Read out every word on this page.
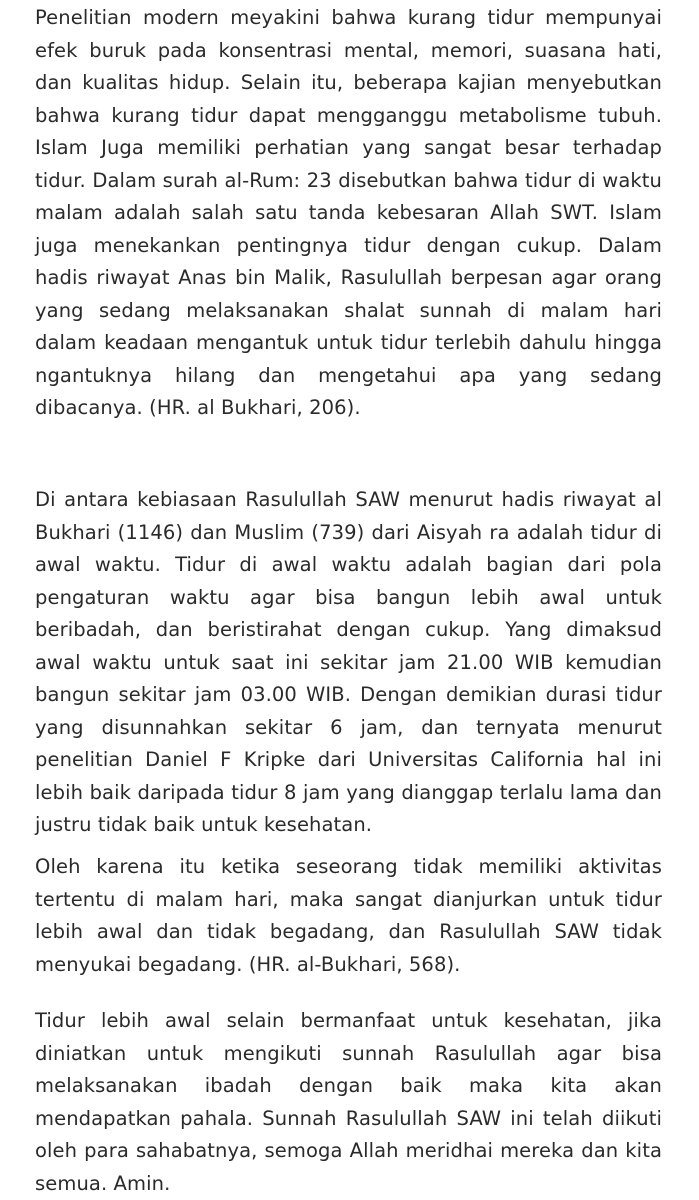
Penelitian modern meyakini bahwa kurang tidur mempunyai efek buruk pada konsentrasi mental, memori, suasana hati, dan kualitas hidup. Selain itu, beberapa kajian menyebutkan bahwa kurang tidur dapat mengganggu metabolisme tubuh. Islam Juga memiliki perhatian yang sangat besar terhadap tidur. Dalam surah al-Rum: 23 disebutkan bahwa tidur di waktu malam adalah salah satu tanda kebesaran Allah SWT. Islam juga menekankan pentingnya tidur dengan cukup. Dalam hadis riwayat Anas bin Malik, Rasulullah berpesan agar orang yang sedang melaksanakan shalat sunnah di malam hari dalam keadaan mengantuk untuk tidur terlebih dahulu hingga ngantuknya hilang dan mengetahui apa yang sedang dibacanya. (HR. al Bukhari, 206).

Di antara kebiasaan Rasulullah SAW menurut hadis riwayat al Bukhari (1146) dan Muslim (739) dari Aisyah ra adalah tidur di awal waktu. Tidur di awal waktu adalah bagian dari pola pengaturan waktu agar bisa bangun lebih awal untuk beribadah, dan beristirahat dengan cukup. Yang dimaksud awal waktu untuk saat ini sekitar jam 21.00 WIB kemudian bangun sekitar jam 03.00 WIB. Dengan demikian durasi tidur yang disunnahkan sekitar 6 jam, dan ternyata menurut penelitian Daniel F Kripke dari Universitas California hal ini lebih baik daripada tidur 8 jam yang dianggap terlalu lama dan justru tidak baik untuk kesehatan.

Oleh karena itu ketika seseorang tidak memiliki aktivitas tertentu di malam hari, maka sangat dianjurkan untuk tidur lebih awal dan tidak begadang, dan Rasulullah SAW tidak menyukai begadang. (HR. al-Bukhari, 568).

Tidur lebih awal selain bermanfaat untuk kesehatan, jika diniatkan untuk mengikuti sunnah Rasulullah agar bisa melaksanakan ibadah dengan baik maka kita akan mendapatkan pahala. Sunnah Rasulullah SAW ini telah diikuti oleh para sahabatnya, semoga Allah meridhai mereka dan kita semua. Amin.
